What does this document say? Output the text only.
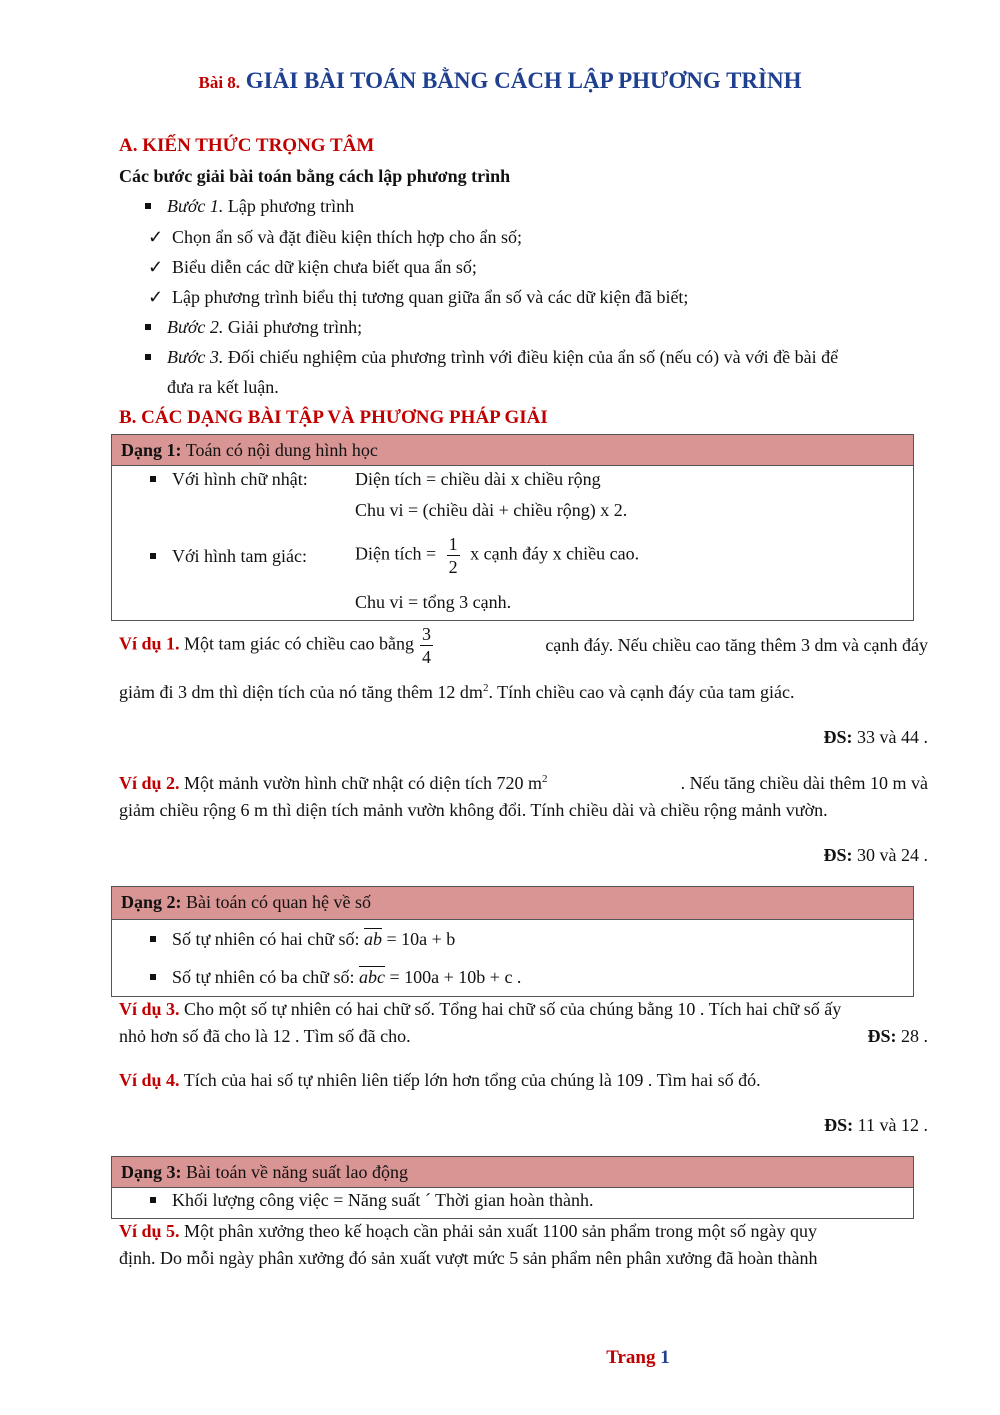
Bài 8. GIẢI BÀI TOÁN BẰNG CÁCH LẬP PHƯƠNG TRÌNH
A. KIẾN THỨC TRỌNG TÂM
Các bước giải bài toán bằng cách lập phương trình
Bước 1. Lập phương trình
✓ Chọn ẩn số và đặt điều kiện thích hợp cho ẩn số;
✓ Biểu diễn các dữ kiện chưa biết qua ẩn số;
✓ Lập phương trình biểu thị tương quan giữa ẩn số và các dữ kiện đã biết;
Bước 2. Giải phương trình;
Bước 3. Đối chiếu nghiệm của phương trình với điều kiện của ẩn số (nếu có) và với đề bài để
đưa ra kết luận.
B. CÁC DẠNG BÀI TẬP VÀ PHƯƠNG PHÁP GIẢI
Dạng 1: Toán có nội dung hình học
Với hình chữ nhật:	Diện tích = chiều dài x chiều rộng
Chu vi = (chiều dài + chiều rộng) x 2.
Với hình tam giác:	Diện tích = $\frac{1}{2}$ x cạnh đáy x chiều cao.
Chu vi = tổng 3 cạnh.
Ví dụ 1. Một tam giác có chiều cao bằng $\frac{3}{4}$	cạnh đáy. Nếu chiều cao tăng thêm 3 dm và cạnh đáy
giảm đi 3 dm thì diện tích của nó tăng thêm 12 $dm^2$. Tính chiều cao và cạnh đáy của tam giác.
ĐS: 33 và 44 .
Ví dụ 2. Một mảnh vườn hình chữ nhật có diện tích 720 $m^2$	. Nếu tăng chiều dài thêm 10 m và
giảm chiều rộng 6 m thì diện tích mảnh vườn không đổi. Tính chiều dài và chiều rộng mảnh vườn.
ĐS: 30 và 24 .
Dạng 2: Bài toán có quan hệ về số
Số tự nhiên có hai chữ số: $\overline{ab} = 10a + b$
Số tự nhiên có ba chữ số: $\overline{abc} = 100a + 10b + c$ .
Ví dụ 3. Cho một số tự nhiên có hai chữ số. Tổng hai chữ số của chúng bằng 10 . Tích hai chữ số ấy
nhỏ hơn số đã cho là 12 . Tìm số đã cho.	ĐS: 28 .
Ví dụ 4. Tích của hai số tự nhiên liên tiếp lớn hơn tổng của chúng là 109 . Tìm hai số đó.
ĐS: 11 và 12 .
Dạng 3: Bài toán về năng suất lao động
Khối lượng công việc = Năng suất ´ Thời gian hoàn thành.
Ví dụ 5. Một phân xưởng theo kế hoạch cần phải sản xuất 1100 sản phẩm trong một số ngày quy
định. Do mỗi ngày phân xưởng đó sản xuất vượt mức 5 sản phẩm nên phân xưởng đã hoàn thành
Trang 1
